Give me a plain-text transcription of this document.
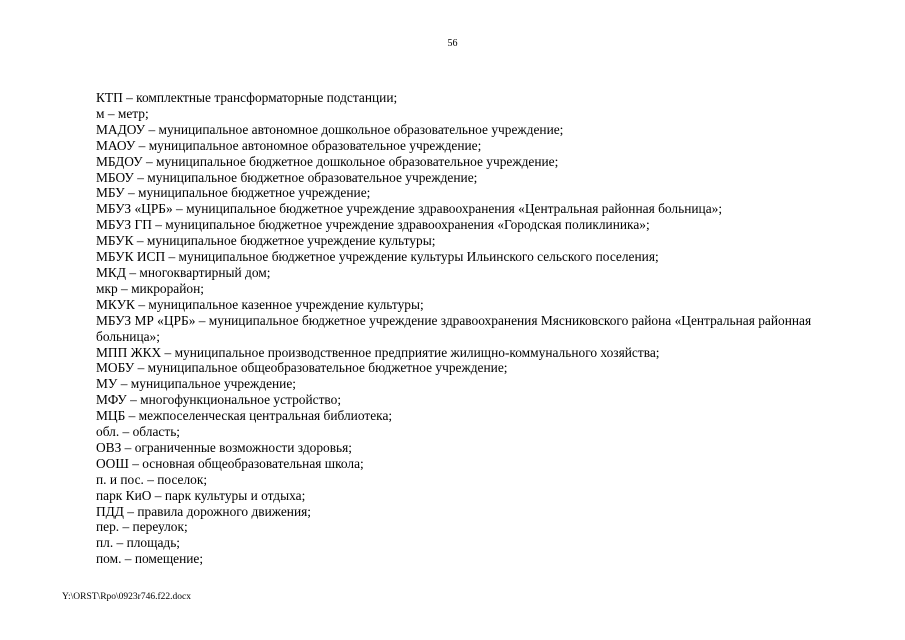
56
КТП – комплектные трансформаторные подстанции;
м – метр;
МАДОУ – муниципальное автономное дошкольное образовательное учреждение;
МАОУ – муниципальное автономное образовательное учреждение;
МБДОУ – муниципальное бюджетное дошкольное образовательное учреждение;
МБОУ – муниципальное бюджетное образовательное учреждение;
МБУ – муниципальное бюджетное учреждение;
МБУЗ «ЦРБ» – муниципальное бюджетное учреждение здравоохранения «Центральная районная больница»;
МБУЗ ГП – муниципальное бюджетное учреждение здравоохранения «Городская поликлиника»;
МБУК – муниципальное бюджетное учреждение культуры;
МБУК ИСП – муниципальное бюджетное учреждение культуры Ильинского сельского поселения;
МКД – многоквартирный дом;
мкр – микрорайон;
МКУК – муниципальное казенное учреждение культуры;
МБУЗ МР «ЦРБ» – муниципальное бюджетное учреждение здравоохранения Мясниковского района «Центральная районная больница»;
МПП ЖКХ – муниципальное производственное предприятие жилищно-коммунального хозяйства;
МОБУ – муниципальное общеобразовательное бюджетное учреждение;
МУ – муниципальное учреждение;
МФУ – многофункциональное устройство;
МЦБ – межпоселенческая центральная библиотека;
обл. – область;
ОВЗ – ограниченные возможности здоровья;
ООШ – основная общеобразовательная школа;
п. и пос. – поселок;
парк КиО – парк культуры и отдыха;
ПДД – правила дорожного движения;
пер. – переулок;
пл. – площадь;
пом. – помещение;
Y:\ORST\Rpo\0923r746.f22.docx
